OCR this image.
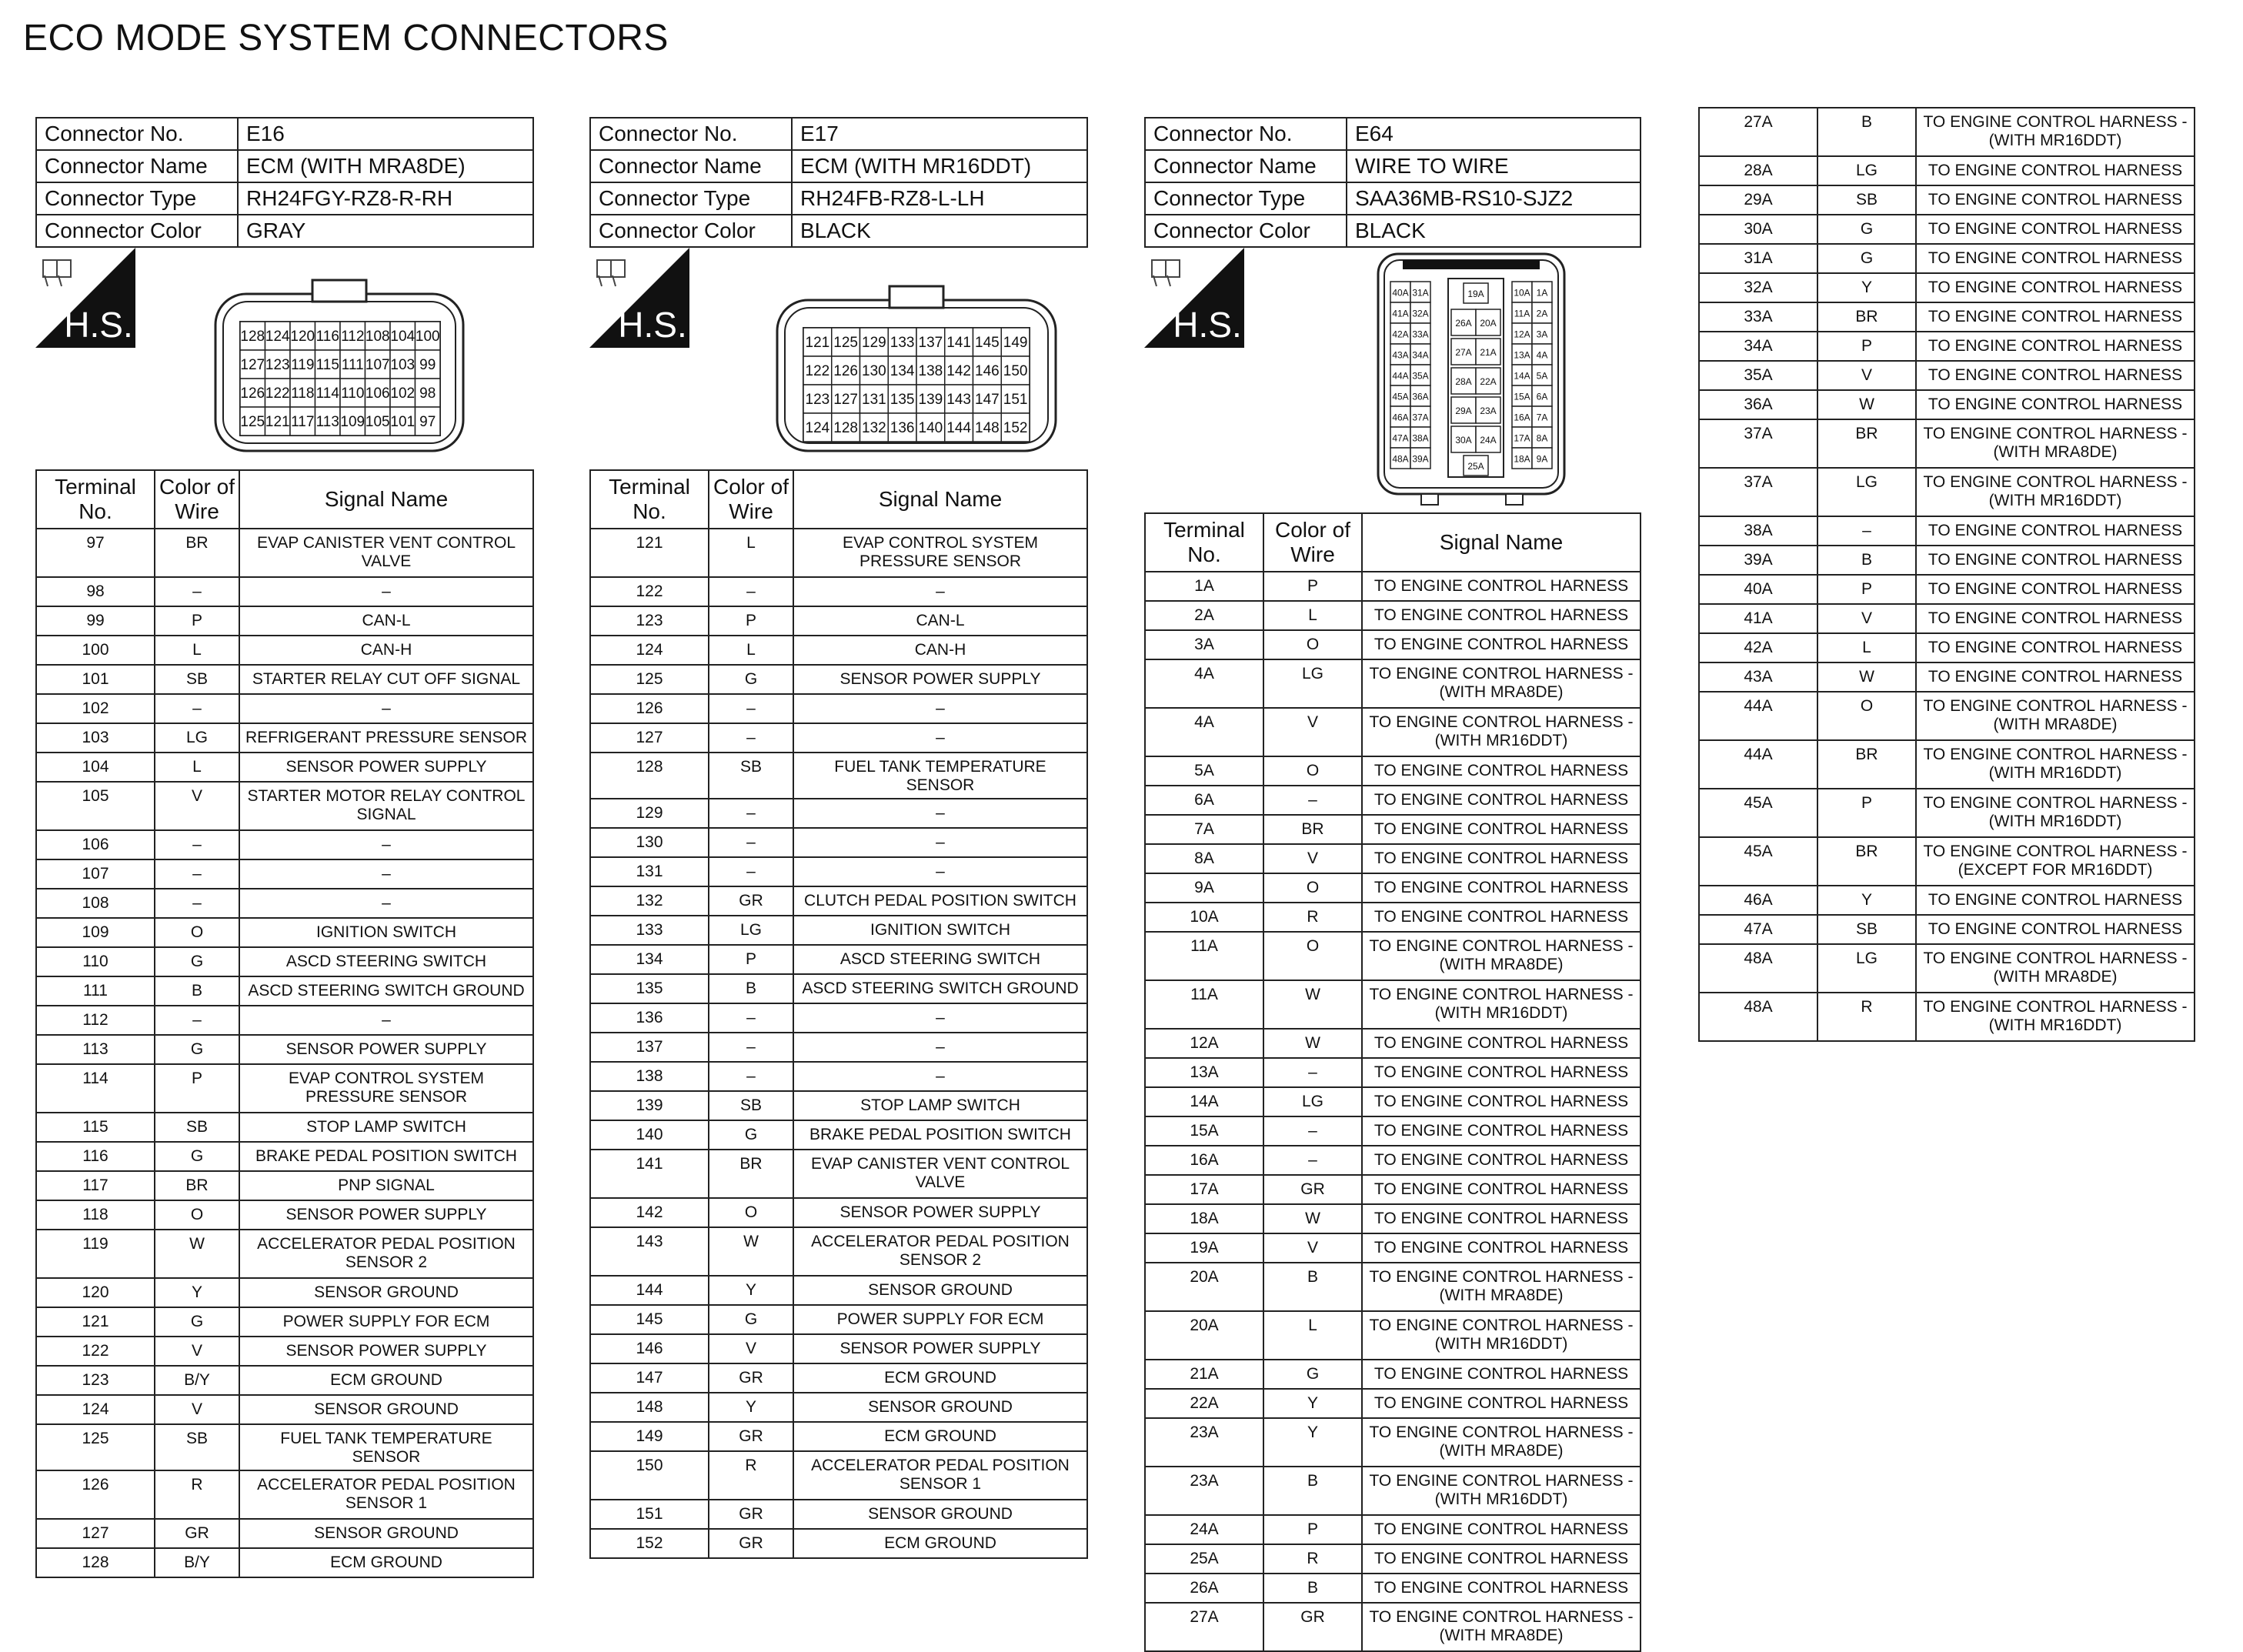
ECO MODE SYSTEM CONNECTORS
Connector No.	E16
Connector Name	ECM (WITH MRA8DE)
Connector Type	RH24FGY-RZ8-R-RH
Connector Color	GRAY
H.S.	128 124 120 116 112 108 104 100
127 123 119 115 111 107 103 99
126 122 118 114 110 106 102 98
125 121 117 113 109 105 101 97
Terminal No.	Color of Wire	Signal Name
97	BR	EVAP CANISTER VENT CONTROL VALVE
98	–	–
99	P	CAN-L
100	L	CAN-H
101	SB	STARTER RELAY CUT OFF SIGNAL
102	–	–
103	LG	REFRIGERANT PRESSURE SENSOR
104	L	SENSOR POWER SUPPLY
105	V	STARTER MOTOR RELAY CONTROL SIGNAL
106	–	–
107	–	–
108	–	–
109	O	IGNITION SWITCH
110	G	ASCD STEERING SWITCH
111	B	ASCD STEERING SWITCH GROUND
112	–	–
113	G	SENSOR POWER SUPPLY
114	P	EVAP CONTROL SYSTEM PRESSURE SENSOR
115	SB	STOP LAMP SWITCH
116	G	BRAKE PEDAL POSITION SWITCH
117	BR	PNP SIGNAL
118	O	SENSOR POWER SUPPLY
119	W	ACCELERATOR PEDAL POSITION SENSOR 2
120	Y	SENSOR GROUND
121	G	POWER SUPPLY FOR ECM
122	V	SENSOR POWER SUPPLY
123	B/Y	ECM GROUND
124	V	SENSOR GROUND
125	SB	FUEL TANK TEMPERATURE SENSOR
126	R	ACCELERATOR PEDAL POSITION SENSOR 1
127	GR	SENSOR GROUND
128	B/Y	ECM GROUND
Connector No.	E17
Connector Name	ECM (WITH MR16DDT)
Connector Type	RH24FB-RZ8-L-LH
Connector Color	BLACK
H.S.	121 125 129 133 137 141 145 149
122 126 130 134 138 142 146 150
123 127 131 135 139 143 147 151
124 128 132 136 140 144 148 152
Terminal No.	Color of Wire	Signal Name
121	L	EVAP CONTROL SYSTEM PRESSURE SENSOR
122	–	–
123	P	CAN-L
124	L	CAN-H
125	G	SENSOR POWER SUPPLY
126	–	–
127	–	–
128	SB	FUEL TANK TEMPERATURE SENSOR
129	–	–
130	–	–
131	–	–
132	GR	CLUTCH PEDAL POSITION SWITCH
133	LG	IGNITION SWITCH
134	P	ASCD STEERING SWITCH
135	B	ASCD STEERING SWITCH GROUND
136	–	–
137	–	–
138	–	–
139	SB	STOP LAMP SWITCH
140	G	BRAKE PEDAL POSITION SWITCH
141	BR	EVAP CANISTER VENT CONTROL VALVE
142	O	SENSOR POWER SUPPLY
143	W	ACCELERATOR PEDAL POSITION SENSOR 2
144	Y	SENSOR GROUND
145	G	POWER SUPPLY FOR ECM
146	V	SENSOR POWER SUPPLY
147	GR	ECM GROUND
148	Y	SENSOR GROUND
149	GR	ECM GROUND
150	R	ACCELERATOR PEDAL POSITION SENSOR 1
151	GR	SENSOR GROUND
152	GR	ECM GROUND
Connector No.	E64
Connector Name	WIRE TO WIRE
Connector Type	SAA36MB-RS10-SJZ2
Connector Color	BLACK
H.S.
40A 31A
41A 32A
42A 33A
43A 34A
44A 35A
45A 36A
46A 37A
47A 38A
48A 39A
10A 1A
11A 2A
12A 3A
13A 4A
14A 5A
15A 6A
16A 7A
17A 8A
18A 9A
19A
26A 20A
27A 21A
28A 22A
29A 23A
30A 24A
25A
Terminal No.	Color of Wire	Signal Name
1A	P	TO ENGINE CONTROL HARNESS
2A	L	TO ENGINE CONTROL HARNESS
3A	O	TO ENGINE CONTROL HARNESS
4A	LG	TO ENGINE CONTROL HARNESS - (WITH MRA8DE)
4A	V	TO ENGINE CONTROL HARNESS - (WITH MR16DDT)
5A	O	TO ENGINE CONTROL HARNESS
6A	–	TO ENGINE CONTROL HARNESS
7A	BR	TO ENGINE CONTROL HARNESS
8A	V	TO ENGINE CONTROL HARNESS
9A	O	TO ENGINE CONTROL HARNESS
10A	R	TO ENGINE CONTROL HARNESS
11A	O	TO ENGINE CONTROL HARNESS - (WITH MRA8DE)
11A	W	TO ENGINE CONTROL HARNESS - (WITH MR16DDT)
12A	W	TO ENGINE CONTROL HARNESS
13A	–	TO ENGINE CONTROL HARNESS
14A	LG	TO ENGINE CONTROL HARNESS
15A	–	TO ENGINE CONTROL HARNESS
16A	–	TO ENGINE CONTROL HARNESS
17A	GR	TO ENGINE CONTROL HARNESS
18A	W	TO ENGINE CONTROL HARNESS
19A	V	TO ENGINE CONTROL HARNESS
20A	B	TO ENGINE CONTROL HARNESS - (WITH MRA8DE)
20A	L	TO ENGINE CONTROL HARNESS - (WITH MR16DDT)
21A	G	TO ENGINE CONTROL HARNESS
22A	Y	TO ENGINE CONTROL HARNESS
23A	Y	TO ENGINE CONTROL HARNESS - (WITH MRA8DE)
23A	B	TO ENGINE CONTROL HARNESS - (WITH MR16DDT)
24A	P	TO ENGINE CONTROL HARNESS
25A	R	TO ENGINE CONTROL HARNESS
26A	B	TO ENGINE CONTROL HARNESS
27A	GR	TO ENGINE CONTROL HARNESS - (WITH MRA8DE)
27A	B	TO ENGINE CONTROL HARNESS - (WITH MR16DDT)
28A	LG	TO ENGINE CONTROL HARNESS
29A	SB	TO ENGINE CONTROL HARNESS
30A	G	TO ENGINE CONTROL HARNESS
31A	G	TO ENGINE CONTROL HARNESS
32A	Y	TO ENGINE CONTROL HARNESS
33A	BR	TO ENGINE CONTROL HARNESS
34A	P	TO ENGINE CONTROL HARNESS
35A	V	TO ENGINE CONTROL HARNESS
36A	W	TO ENGINE CONTROL HARNESS
37A	BR	TO ENGINE CONTROL HARNESS - (WITH MRA8DE)
37A	LG	TO ENGINE CONTROL HARNESS - (WITH MR16DDT)
38A	–	TO ENGINE CONTROL HARNESS
39A	B	TO ENGINE CONTROL HARNESS
40A	P	TO ENGINE CONTROL HARNESS
41A	V	TO ENGINE CONTROL HARNESS
42A	L	TO ENGINE CONTROL HARNESS
43A	W	TO ENGINE CONTROL HARNESS
44A	O	TO ENGINE CONTROL HARNESS - (WITH MRA8DE)
44A	BR	TO ENGINE CONTROL HARNESS - (WITH MR16DDT)
45A	P	TO ENGINE CONTROL HARNESS - (WITH MR16DDT)
45A	BR	TO ENGINE CONTROL HARNESS - (EXCEPT FOR MR16DDT)
46A	Y	TO ENGINE CONTROL HARNESS
47A	SB	TO ENGINE CONTROL HARNESS
48A	LG	TO ENGINE CONTROL HARNESS - (WITH MRA8DE)
48A	R	TO ENGINE CONTROL HARNESS - (WITH MR16DDT)
